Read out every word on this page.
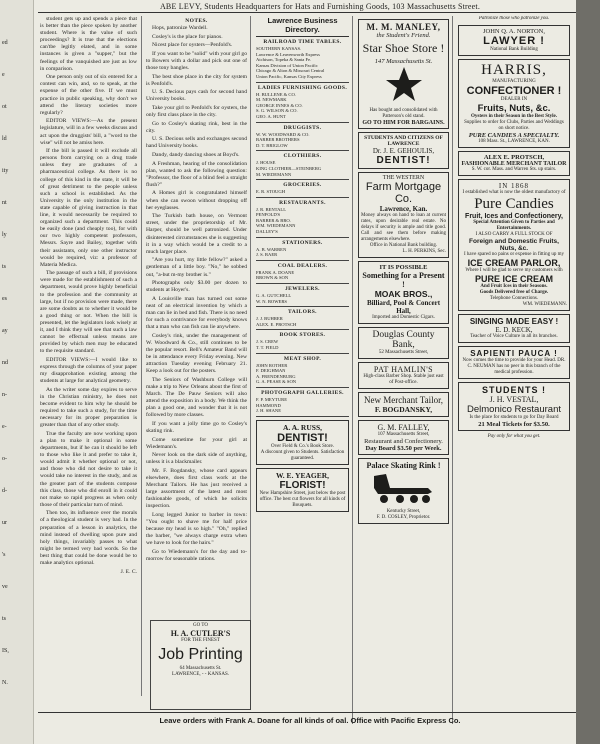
ed
e
ot
ld
ity
nt
ly
ts
es
ay
nd
n-
e-
o-
d-
ur
's
ve
ts
IS,
N.
ABE LEVY, Students Headquarters for Hats and Furnishing Goods, 103 Massachusetts Street.

student gets up and spends a piece that is better than the piece spoken by another student. Where is the value of such proceedings? It is true that the elections can'tbe legitly elated, and in some instances is given a "supper," but the feelings of the vanquished are just as low in comparison.

One person only out of six entered for a contest can win, and, so to speak, at the expense of the other five. If we must practice in public speaking, why don't we attend the literary societies more regularly?

EDITOR VIEWS:—As the present legislature, will in a few weeks discuss and act upon the druggists' bill, a "word to the wise" will not be amiss here.

If the bill is passed it will exclude all persons from carrying on a drug trade unless they are graduates of a pharmaceutical college. As there is no college of this kind in the state, it will be of great detriment to the people unless such a school is established. As the University is the only institution in the state capable of giving instruction in that line, it would necessarily be required to organized such a department. This could be easily done (and cheaply too), for with our two highly competent professors, Messrs. Sayre and Bailey, together with their assistants, only one other instructor would be required, viz: a professor of Materia Medica.

The passage of such a bill, if provisions were made for the establishment of such a department, would prove highly beneficial to the profession and the community at large, but if no provision were made, there are some doubts as to whether it would be a good thing or not. When the bill is presented, let the legislators look wisely at it, and I think they will see that such a law cannot be effectual unless means are provided by which men may be educated to the requisite standard.

EDITOR VIEWS:—I would like to express through the columns of your paper my disapprobation existing among the students at large for analytical geometry.

As the writer some day expires to serve in the Christian ministry, he does not become evident to him why he should be required to take such a study, for the time necessary for its proper preparation is greater than that of any other study.

True the faculty are now working upon a plan to make it optional in some departments, but if he can it should be left to those who like it and prefer to take it, would admit it whether optional or not, and those who did not desire to take it would take no interest in the study, and as the greater part of the students compose this class, those who did enroll in it could not make so rapid progress as when only those of their particular turn of mind.

Then too, its influence over the morals of a theological student is very bad. In the preparation of a lesson in analytics, the mind instead of dwelling upon pure and holy things, invariably passes to what might be termed very bad words. So the best thing that could be done would be to make analytics optional.

J. E. C.
NOTES.

Hops, patronize Wardell.

Cosley's is the place for pianos.

Nicest place for oysters—Penfold's.

If you want to be "solid" with your girl go to Bowers with a dollar and pick out one of those tony bangles.

The best shoe place in the city for system is Penfold's.

U. S. Decious pays cash for second hand University books.

Take your girl to Penfold's for oysters, the only first class place in the city.

Go to Cosley's skating rink, best in the city.

U. S. Decious sells and exchanges second hand University books.

Dandy, dandy dancing shoes at Boyd's.

A Freshman, hearing of the consolidation plan, wanted to ask the following question: "Professor, the floor of a blind feel a straight flush?"

A Homes girl is congratulated himself when she can swoon without dropping off her eyeglasses.

The Turkish bath house, on Vermont street, under the proprietorship of Mr. Harper, should be well patronized. Under disinterested circumstances she is suggesting it in a way which would be a credit to a much larger place.

"Are you hurt, my little fellow?" asked a gentleman of a little boy. "No," he sobbed out, "a-but m-my brother is."

Photographs only $3.00 per dozen to students at Hoyer's.

A Louisville man has turned out some neat of an electrical invention by which a man can lie in bed and fish. There is no need for such a contrivance for everybody knows that a man who can fish can lie anywhere.

Cosley's rink, under the management of W. Woodward & Co., still continues to be the popular resort. Bell's Amateur Band will be in attendance every Friday evening. New attraction Tuesday evening February 21. Keep a look out for the posters.

The Seniors of Washburn College will make a trip to New Orleans about the first of March. The De Pauw Seniors will also attend the exposition in a body. We think the plan a good one, and wonder that it is not followed by more classes.

If you want a jolly time go to Cosley's skating rink.

Come sometime for your girl at Wiedemann's.

Never look on the dark side of anything, unless it is a blackmailer.

Mr. F. Bogdansky, whose card appears elsewhere, does first class work at the Merchant Tailors. He has just received a large assortment of the latest and most fashionable goods, of which he solicits inspection.

Long legged Junior to barber in town: "You ought to shave me for half price because my head is so high." "Oh," replied the barber, "we always charge extra when we have to look for the hairs."

Go to Wiedemann's for the day and to-morrow for seasonable rations.

GO TO
H. A. CUTLER'S
FOR THE FINEST
Job Printing
64 Massachusetts St.
LAWRENCE, - - KANSAS.
Lawrence Business Directory.
RAILROAD TIME TABLES.
SOUTHERN KANSAS.
Lawrence & Leavenworth Express
Atchison, Topeka & Santa Fe.
Kansas Division of Union Pacific
Chicago & Alton & Missouri Central
Union Pacific, Kansas City Express
LADIES FURNISHING GOODS.
H. BULLENE & CO.
M. NEWMARK
GEORGE INNES & CO.
S. G. WILSON & CO.
GEO. A. HUNT
DRUGGISTS.
W. W. WOODWARD & CO.
BARBER BROTHERS
D. T. BRIGLOW
CLOTHIERS.
J. HOUSE
KING CLOTHIER—STEINBERG
M. WIEDEMANN
GROCERIES.
E. R. STOUGH
RESTAURANTS.
J. R. BENTALL
PENFOLD'S
BARBER & BRO.
WM. WIEDEMANN
DALLEY'S
STATIONERS.
A. B. WARREN
J. S. BAER
COAL DEALERS.
FRANK A. DOANE
BROWN & SON
JEWELERS.
G. A. GUTCHELL
W. N. BOWERS
TAILORS.
J. J. BUHRER
ALEX. E. PROTSCH
BOOK STORES.
J. S. CREW
T. T. FIELD
MEAT SHOP.
JOHN ROTHER
F. DEIGHMAN
A. FRENDENBURG
G. A. PEASE & SON
PHOTOGRAPH GALLERIES.
F. P. MEYTURE
HAMMOND
J. H. SHANE
A. A. RUSS,
DENTIST!
Over Field & Co.'s Book Store.
A discount given to Students. Satisfaction guaranteed.
W. E. YEAGER,
FLORIST!
New Hampshire Street, just below the post office. The best cut flowers for all kinds of Bouquets.
M. M. MANLEY,
the Student's Friend.
Star Shoe Store !
147 Massachusetts St.
Has bought and consolidated with Patterson's old stand.
GO TO HIM FOR BARGAINS.
STUDENTS AND CITIZENS OF LAWRENCE
Dr. J. E. GEHOULIS,
DENTIST!
THE WESTERN
Farm Mortgage Co.
Lawrence, Kan.
Money always on hand to loan at current rates, upon desirable real estate. No delays if security is ample and title good. Call and see them before making arrangements elsewhere.
Office in National Bank building.
L. H. PERKINS, Sec.
IT IS POSSIBLE
Something for a Present !
MOAK BROS.,
Billiard, Pool & Concert Hall,
Imported and Domestic Cigars.
Douglas County Bank,
52 Massachusetts Street,
PAT HAMLIN'S
High-class Barber Shop. Stable just east of Post-office.
New Merchant Tailor,
F. BOGDANSKY,
G. M. FALLEY,
107 Massachusetts Street,
Restaurant and Confectionery.
Day Board $3.50 per Week.
Palace Skating Rink !
Kentucky Street,
F. D. COSLEY, Proprietor.
Patronize those who patronize you.
JOHN Q. A. NORTON,
LAWYER !
National Bank Building
HARRIS,
MANUFACTURING
CONFECTIONER !
DEALER IN
Fruits, Nuts, &c.
Oysters in their Season in the Best Style.
Supplies to order for Clubs, Parties and Weddings on short notice.
PURE CANDIES A SPECIALTY.
108 Mass. St., LAWRENCE, KAN.
ALEX E. PROTSCH,
FASHIONABLE MERCHANT TAILOR
S. W. cor. Mass. and Warren Sts. up stairs.
IN 1868
I established what is now the oldest manufactory of
Pure Candies
Fruit, Ices and Confectionery,
Special Attention Given to Parties and Entertainments.
I ALSO CARRY A FULL STOCK OF
Foreign and Domestic Fruits, Nuts, &c.
I have spared no pains or expense in fitting up my
ICE CREAM PARLOR,
Where I will be glad to serve my customers with
PURE ICE CREAM
And Fruit Ices in their Seasons.
Goods Delivered free of Charge.
Telephone Connections.
WM. WIEDEMANN.
SINGING MADE EASY !
E. D. KECK,
Teacher of Voice Culture in all its branches.
SAPIENTI PAUCA !
Now comes the time to provide for your Head. DR. C. NEUMAN has no peer in this branch of the medical profession.
STUDENTS !
J. H. VESTAL,
Delmonico Restaurant
Is the place for students to go for Day Board
21 Meal Tickets for $3.50.
Pay only for what you get.
Leave orders with Frank A. Doane for all kinds of oal. Office with Pacific Express Co.
